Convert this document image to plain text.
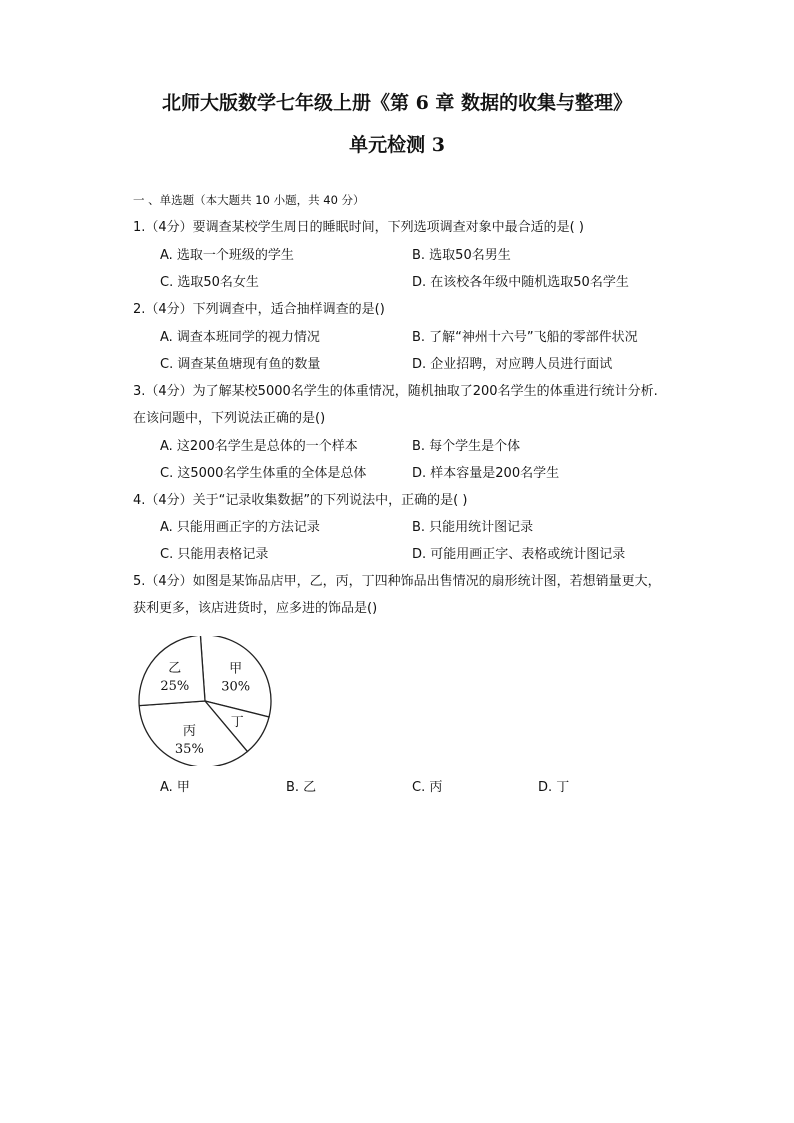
北师大版数学七年级上册《第 6 章 数据的收集与整理》
单元检测 3
一 、单选题（本大题共 10 小题，共 40 分）
1.（4分）要调查某校学生周日的睡眠时间，下列选项调查对象中最合适的是( )
A. 选取一个班级的学生	B. 选取50名男生
C. 选取50名女生	D. 在该校各年级中随机选取50名学生
2.（4分）下列调查中，适合抽样调查的是()
A. 调查本班同学的视力情况	B. 了解“神州十六号”飞船的零部件状况
C. 调查某鱼塘现有鱼的数量	D. 企业招聘，对应聘人员进行面试
3.（4分）为了解某校5000名学生的体重情况，随机抽取了200名学生的体重进行统计分析.在该问题中，下列说法正确的是()
A. 这200名学生是总体的一个样本	B. 每个学生是个体
C. 这5000名学生体重的全体是总体	D. 样本容量是200名学生
4.（4分）关于“记录收集数据”的下列说法中，正确的是( )
A. 只能用画正字的方法记录	B. 只能用统计图记录
C. 只能用表格记录	D. 可能用画正字、表格或统计图记录
5.（4分）如图是某饰品店甲，乙，丙，丁四种饰品出售情况的扇形统计图，若想销量更大，获利更多，该店进货时，应多进的饰品是()
甲
30%
丁
丙
35%
乙
25%
A. 甲	B. 乙	C. 丙	D. 丁
